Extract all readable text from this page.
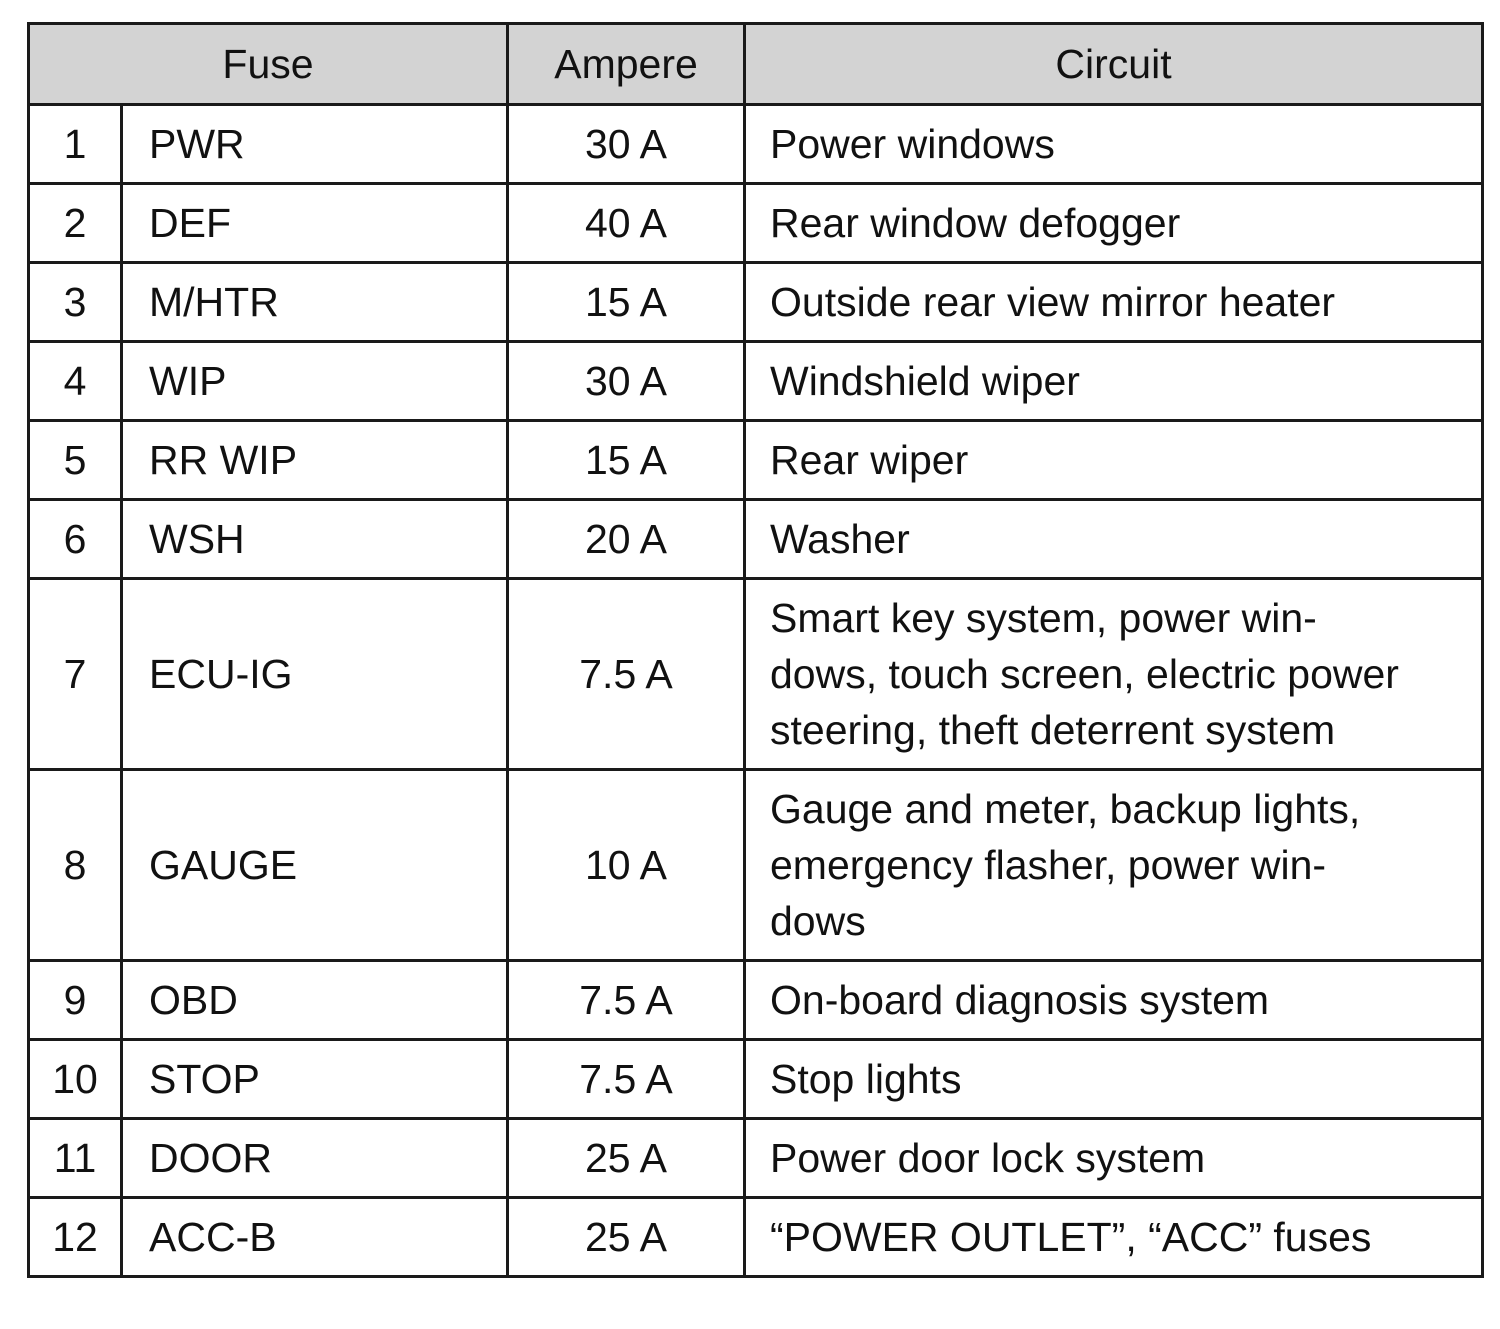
Fuse		Ampere	Circuit
1	PWR	30 A	Power windows
2	DEF	40 A	Rear window defogger
3	M/HTR	15 A	Outside rear view mirror heater
4	WIP	30 A	Windshield wiper
5	RR WIP	15 A	Rear wiper
6	WSH	20 A	Washer
7	ECU-IG	7.5 A	Smart key system, power win-
dows, touch screen, electric power
steering, theft deterrent system

8	GAUGE	10 A	Gauge and meter, backup lights,
emergency flasher, power win-
dows

9	OBD	7.5 A	On-board diagnosis system
10	STOP	7.5 A	Stop lights
11	DOOR	25 A	Power door lock system
12	ACC-B	25 A	“POWER OUTLET”, “ACC” fuses
